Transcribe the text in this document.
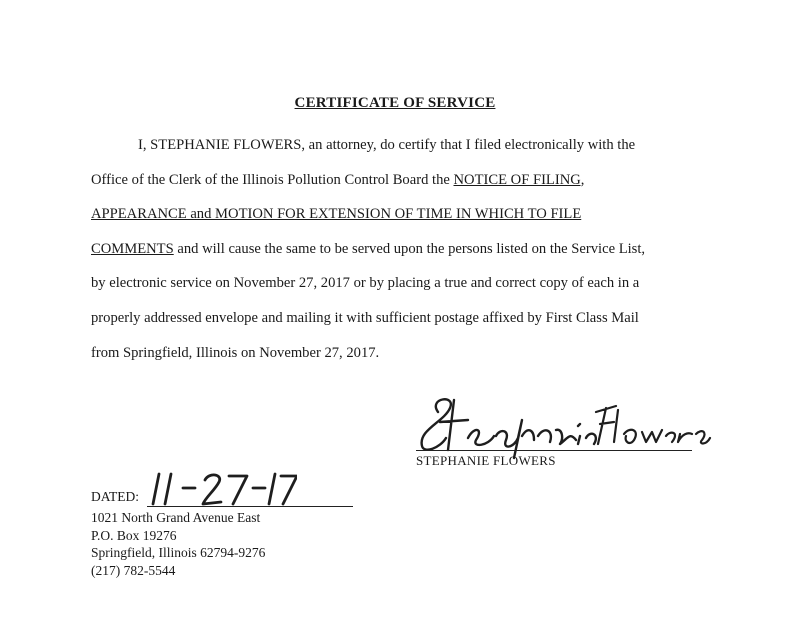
CERTIFICATE OF SERVICE
I, STEPHANIE FLOWERS, an attorney, do certify that I filed electronically with the
Office of the Clerk of the Illinois Pollution Control Board the NOTICE OF FILING,
APPEARANCE and MOTION FOR EXTENSION OF TIME IN WHICH TO FILE
COMMENTS and will cause the same to be served upon the persons listed on the Service List,
by electronic service on November 27, 2017 or by placing a true and correct copy of each in a
properly addressed envelope and mailing it with sufficient postage affixed by First Class Mail
from Springfield, Illinois on November 27, 2017.
STEPHANIE FLOWERS
DATED:
1021 North Grand Avenue East
P.O. Box 19276
Springfield, Illinois 62794-9276
(217) 782-5544
